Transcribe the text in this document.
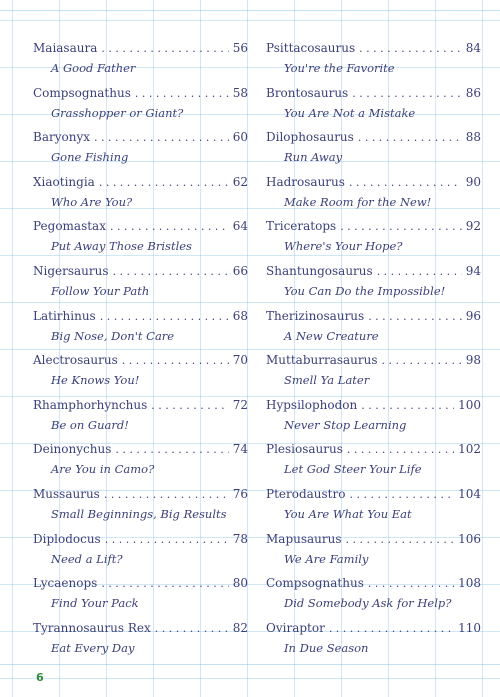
Maiasaura . . .	56
A Good Father
Compsognathus . . .	58
Grasshopper or Giant?
Baryonyx . . .	60
Gone Fishing
Xiaotingia . . .	62
Who Are You?
Pegomastax . . .	64
Put Away Those Bristles
Nigersaurus . . .	66
Follow Your Path
Latirhinus . . .	68
Big Nose, Don't Care
Alectrosaurus . . .	70
He Knows You!
Rhamphorhynchus . . .	72
Be on Guard!
Deinonychus . . .	74
Are You in Camo?
Mussaurus . . .	76
Small Beginnings, Big Results
Diplodocus . . .	78
Need a Lift?
Lycaenops . . .	80
Find Your Pack
Tyrannosaurus Rex . . .	82
Eat Every Day
Psittacosaurus . . .	84
You're the Favorite
Brontosaurus . . .	86
You Are Not a Mistake
Dilophosaurus . . .	88
Run Away
Hadrosaurus . . .	90
Make Room for the New!
Triceratops . . .	92
Where's Your Hope?
Shantungosaurus . . .	94
You Can Do the Impossible!
Therizinosaurus . . .	96
A New Creature
Muttaburrasaurus . . .	98
Smell Ya Later
Hypsilophodon . . .	100
Never Stop Learning
Plesiosaurus . . .	102
Let God Steer Your Life
Pterodaustro . . .	104
You Are What You Eat
Mapusaurus . . .	106
We Are Family
Compsognathus . . .	108
Did Somebody Ask for Help?
Oviraptor . . .	110
In Due Season
6
